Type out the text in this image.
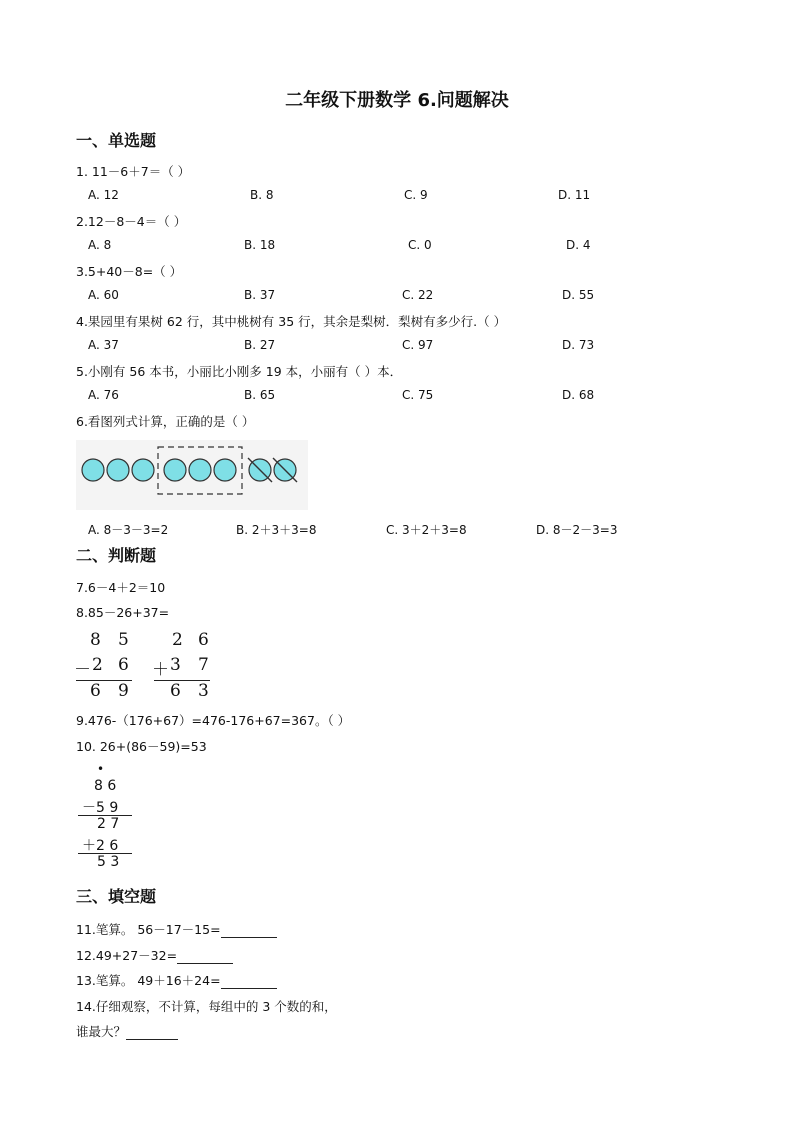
二年级下册数学 6.问题解决
一、单选题
1. 11－6＋7＝（ ）
A. 12	B. 8	C. 9	D. 11
2.12－8－4＝（ ）
A. 8	B. 18	C. 0	D. 4
3.5+40－8=（ ）
A. 60	B. 37	C. 22	D. 55
4.果园里有果树 62 行，其中桃树有 35 行，其余是梨树．梨树有多少行.（ ）
A. 37	B. 27	C. 97	D. 73
5.小刚有 56 本书，小丽比小刚多 19 本，小丽有（ ）本．
A. 76	B. 65	C. 75	D. 68
6.看图列式计算，正确的是（ ）
A. 8－3－3=2	B. 2＋3＋3=8	C. 3＋2＋3=8	D. 8－2－3=3
二、判断题
7.6－4＋2＝10
8.85－26+37=
8 5
－ 2 6
6 9
2 6
＋ 3 7
6 3
9.476-（176+67）=476-176+67=367。（ ）
10. 26+(86－59)=53
•
8 6
－5 9
2 7
＋2 6
5 3
三、填空题
11.笔算。 56－17－15=
12.49+27－32=
13.笔算。 49＋16＋24=
14.仔细观察，不计算，每组中的 3 个数的和，
谁最大？
